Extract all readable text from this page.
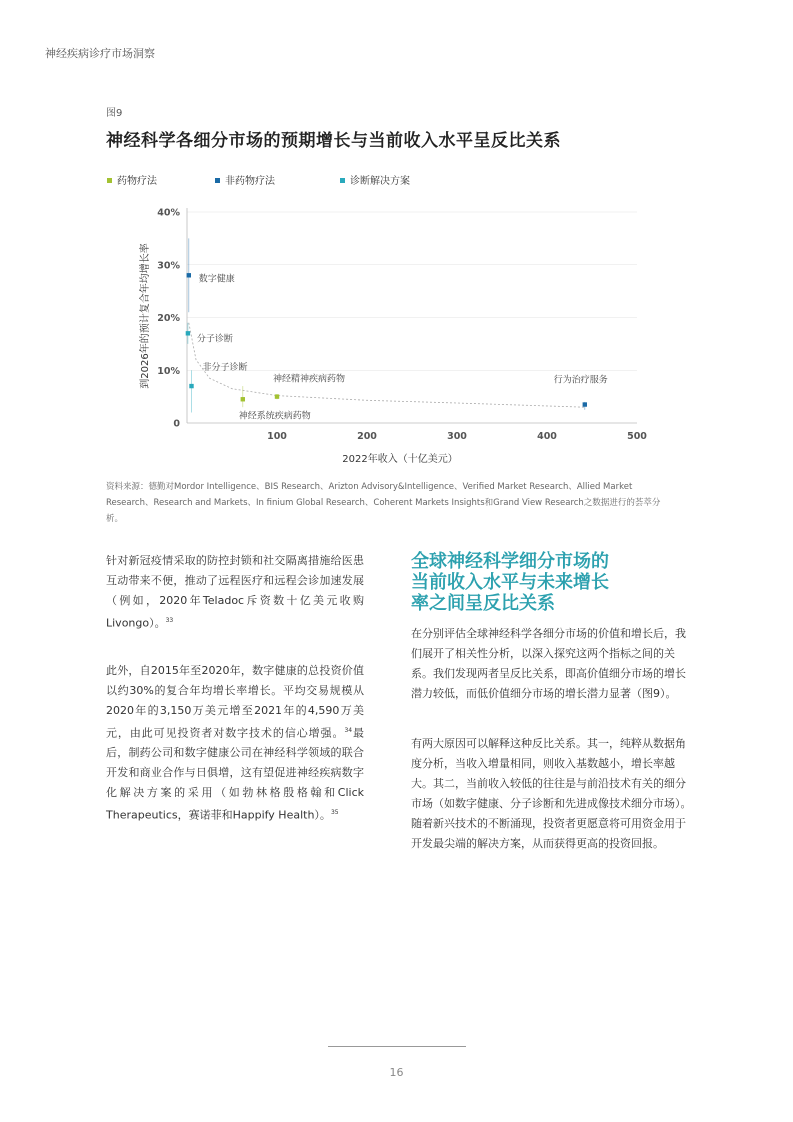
神经疾病诊疗市场洞察
图9
神经科学各细分市场的预期增长与当前收入水平呈反比关系
药物疗法	非药物疗法	诊断解决方案
0
10%
20%
30%
40%
100	200	300	400	500
数字健康
分子诊断
非分子诊断
神经精神疾病药物
神经系统疾病药物
行为治疗服务
2022年收入（十亿美元）
到2026年的预计复合年均增长率
资料来源：德勤对Mordor Intelligence、BIS Research、Arizton Advisory&Intelligence、Verified Market Research、Allied Market Research、Research and Markets、In finium Global Research、Coherent Markets Insights和Grand View Research之数据进行的荟萃分析。

针对新冠疫情采取的防控封锁和社交隔离措施给医患互动带来不便，推动了远程医疗和远程会诊加速发展（例如，2020年Teladoc斥资数十亿美元收购Livongo）。$^{33}$

此外，自2015年至2020年，数字健康的总投资价值以约30%的复合年均增长率增长。平均交易规模从2020年的3,150万美元增至2021年的4,590万美元，由此可见投资者对数字技术的信心增强。$^{34}$最后，制药公司和数字健康公司在神经科学领域的联合开发和商业合作与日俱增，这有望促进神经疾病数字化解决方案的采用（如勃林格殷格翰和Click Therapeutics，赛诺菲和Happify Health）。$^{35}$

全球神经科学细分市场的
当前收入水平与未来增长
率之间呈反比关系

在分别评估全球神经科学各细分市场的价值和增长后，我们展开了相关性分析，以深入探究这两个指标之间的关系。我们发现两者呈反比关系，即高价值细分市场的增长潜力较低，而低价值细分市场的增长潜力显著（图9）。

有两大原因可以解释这种反比关系。其一，纯粹从数据角度分析，当收入增量相同，则收入基数越小，增长率越大。其二，当前收入较低的往往是与前沿技术有关的细分市场（如数字健康、分子诊断和先进成像技术细分市场）。随着新兴技术的不断涌现，投资者更愿意将可用资金用于开发最尖端的解决方案，从而获得更高的投资回报。

16
